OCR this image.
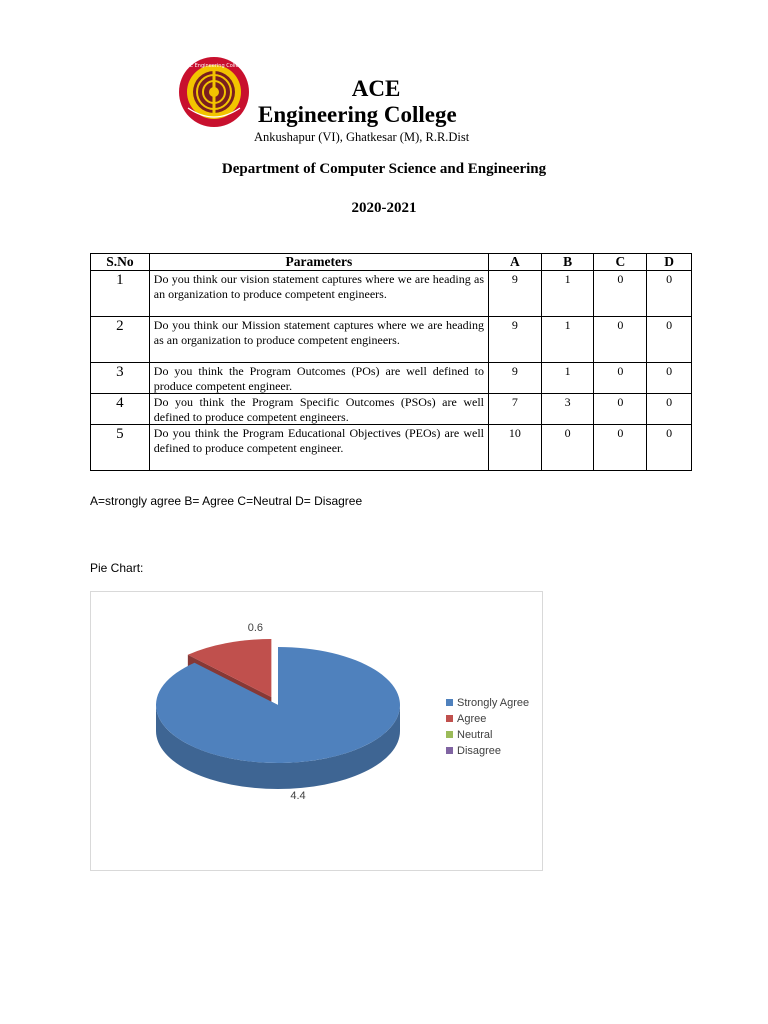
ACE Engineering College
ACE
Engineering College
Ankushapur (VI), Ghatkesar (M), R.R.Dist
Department of Computer Science and Engineering
2020-2021
S.No	Parameters	A	B	C	D
1	Do you think our vision statement captures where we are heading as an organization to produce competent engineers.	9	1	0	0
2	Do you think our Mission statement captures where we are heading as an organization to produce competent engineers.	9	1	0	0
3	Do you think the Program Outcomes (POs) are well defined to produce competent engineer.	9	1	0	0
4	Do you think the Program Specific Outcomes (PSOs) are well defined to produce competent engineers.	7	3	0	0
5	Do you think the Program Educational Objectives (PEOs) are well defined to produce competent engineer.	10	0	0	0
A=strongly agree B= Agree C=Neutral D= Disagree
Pie Chart:
4.4
0.6
Strongly Agree
Agree
Neutral
Disagree
